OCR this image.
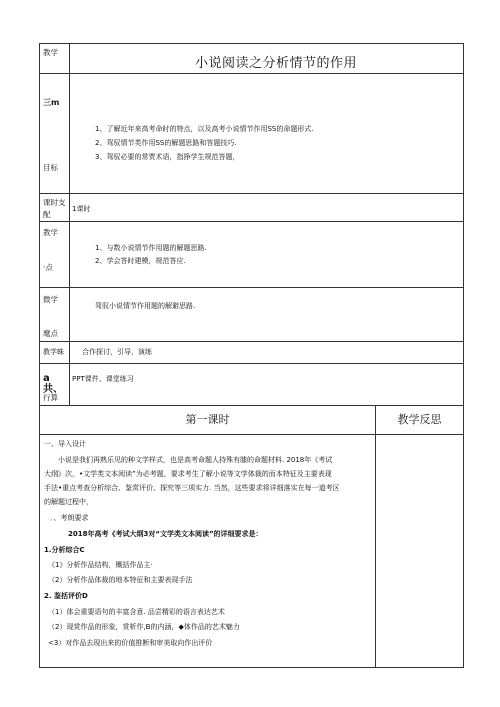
教学
小说阅读之分析情节的作用
三m
目标
1、了解近年来高考命时的特点，以及高考小说情节作用SS的命题形式.
2、驾驭情节类作用SS的解题思路和答题技巧.
3、驾驭必要的常贾术语，指挣学生规范答题，
课时支
配
1课时
教学
·点
1、与数小说情节作用题的解题思路.
2、学会答时建模，规范答应.
微学
麾点
驾驭小说情节作用题的解避思路.
教学蛛	合作探讨，引导，演练
a共、
行算
PPT课件、课堂练习
第一课时	教学反思
一、导入设计
小说是我们再熟乐见的种文学样式，也是高考命题人持殊有膝的命题材料. 2018年《考试
大纲》次，•文学类文本阅读”为必考题，要求考生了解小说等文学体裁的而本特征及主要表现
手法•重点考查分析综合、鉴赏评价、探究等三项实力. 当然，这些要求将详细落实在每一道考区
的解题过程中，
．、考朗要求
2018年高考《考试大纲3对“文学类文本阅读”的详细要求是：
1.分析综合C
《1》分析作品结构，概括作品主·
（2）分析作品体裁的地本特征和主要表现手法
2. 鉴括评价D
（1）体会重要语句的丰富含意. 品尝精彩的语言表达艺术
（2）现赏作品的形象，赏析作,B的内涵，◆体作品的艺术魅力
<3）对作品去现出来的价值推断和审美取向作出评价
